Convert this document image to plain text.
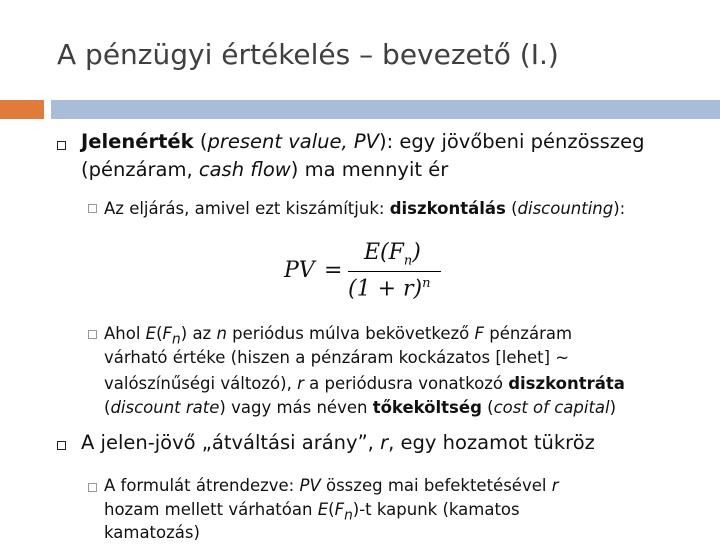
A pénzügyi értékelés – bevezető (I.)
Jelenérték (present value, PV): egy jövőbeni pénzösszeg
(pénzáram, cash flow) ma mennyit ér
Az eljárás, amivel ezt kiszámítjuk: diszkontálás (discounting):
PV =
$E(F_n)$
$(1 + r)^n$
Ahol $E(F_n)$ az n periódus múlva bekövetkező F pénzáram
várható értéke (hiszen a pénzáram kockázatos [lehet] ~
valószínűségi változó), r a periódusra vonatkozó diszkontráta
(discount rate) vagy más néven tőkeköltség (cost of capital)
A jelen-jövő „átváltási arány”, r, egy hozamot tükröz
A formulát átrendezve: PV összeg mai befektetésével r
hozam mellett várhatóan $E(F_n)-t$ kapunk (kamatos
kamatozás)
